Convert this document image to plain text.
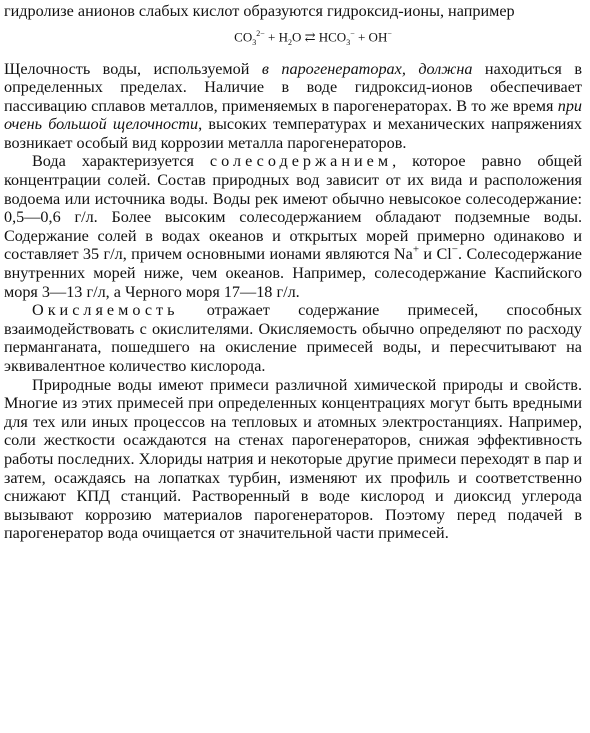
гидролизе анионов слабых кислот образуются гидроксид-ионы, например

$CO_3^{2-} + H_2O$ ⇄ $HCO_3^- + OH^-$

Щелочность воды, используемой в парогенераторах, должна находиться в определенных пределах. Наличие в воде гидроксид-ионов обеспечивает пассивацию сплавов металлов, применяемых в парогенераторах. В то же время при очень большой щелочности, высоких температурах и механических напряжениях возникает особый вид коррозии металла парогенераторов.

Вода характеризуется солесодержанием, которое равно общей концентрации солей. Состав природных вод зависит от их вида и расположения водоема или источника воды. Воды рек имеют обычно невысокое солесодержание: 0,5—0,6 г/л. Более высоким солесодержанием обладают подземные воды. Содержание солей в водах океанов и открытых морей примерно одинаково и составляет 35 г/л, причем основными ионами являются Na+ и Cl−. Солесодержание внутренних морей ниже, чем океанов. Например, солесодержание Каспийского моря 3—13 г/л, а Черного моря 17—18 г/л.

Окисляемость отражает содержание примесей, способных взаимодействовать с окислителями. Окисляемость обычно определяют по расходу перманганата, пошедшего на окисление примесей воды, и пересчитывают на эквивалентное количество кислорода.

Природные воды имеют примеси различной химической природы и свойств. Многие из этих примесей при определенных концентрациях могут быть вредными для тех или иных процессов на тепловых и атомных электростанциях. Например, соли жесткости осаждаются на стенах парогенераторов, снижая эффективность работы последних. Хлориды натрия и некоторые другие примеси переходят в пар и затем, осаждаясь на лопатках турбин, изменяют их профиль и соответственно снижают КПД станций. Растворенный в воде кислород и диоксид углерода вызывают коррозию материалов парогенераторов. Поэтому перед подачей в парогенератор вода очищается от значительной части примесей.
